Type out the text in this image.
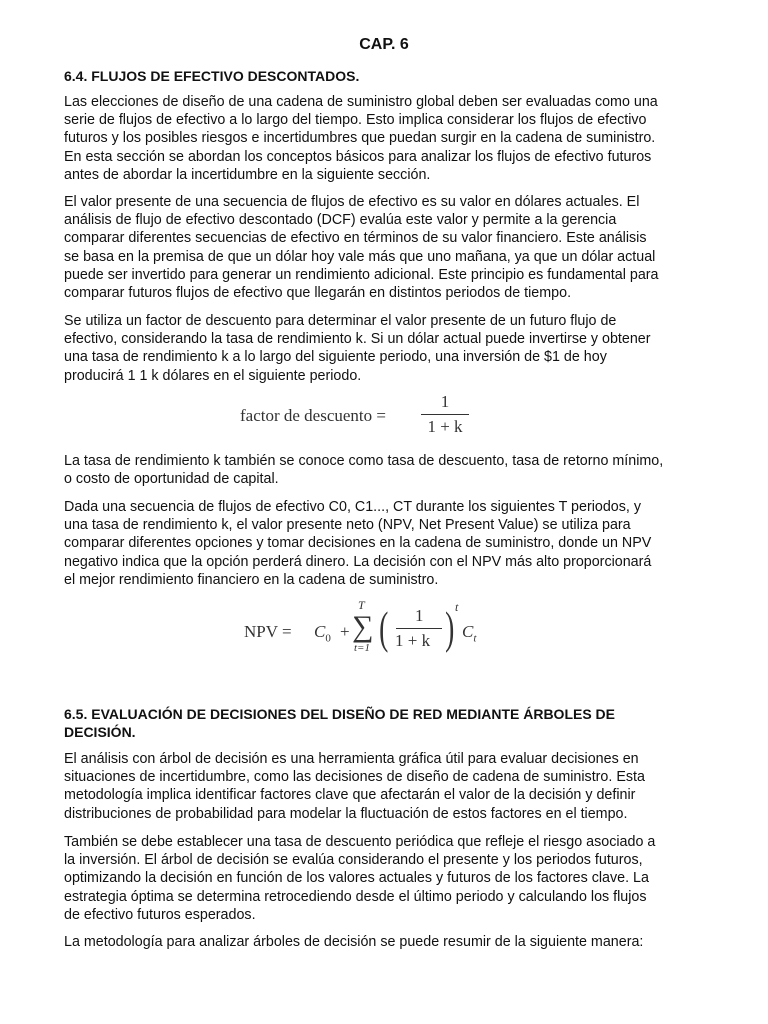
CAP. 6
6.4. FLUJOS DE EFECTIVO DESCONTADOS.

Las elecciones de diseño de una cadena de suministro global deben ser evaluadas como una
serie de flujos de efectivo a lo largo del tiempo. Esto implica considerar los flujos de efectivo
futuros y los posibles riesgos e incertidumbres que puedan surgir en la cadena de suministro.
En esta sección se abordan los conceptos básicos para analizar los flujos de efectivo futuros
antes de abordar la incertidumbre en la siguiente sección.

El valor presente de una secuencia de flujos de efectivo es su valor en dólares actuales. El
análisis de flujo de efectivo descontado (DCF) evalúa este valor y permite a la gerencia
comparar diferentes secuencias de efectivo en términos de su valor financiero. Este análisis
se basa en la premisa de que un dólar hoy vale más que uno mañana, ya que un dólar actual
puede ser invertido para generar un rendimiento adicional. Este principio es fundamental para
comparar futuros flujos de efectivo que llegarán en distintos periodos de tiempo.

Se utiliza un factor de descuento para determinar el valor presente de un futuro flujo de
efectivo, considerando la tasa de rendimiento k. Si un dólar actual puede invertirse y obtener
una tasa de rendimiento k a lo largo del siguiente periodo, una inversión de $1 de hoy
producirá 1 1 k dólares en el siguiente periodo.

factor de descuento =
1
1 + k

La tasa de rendimiento k también se conoce como tasa de descuento, tasa de retorno mínimo,
o costo de oportunidad de capital.

Dada una secuencia de flujos de efectivo C0, C1..., CT durante los siguientes T periodos, y
una tasa de rendimiento k, el valor presente neto (NPV, Net Present Value) se utiliza para
comparar diferentes opciones y tomar decisiones en la cadena de suministro, donde un NPV
negativo indica que la opción perderá dinero. La decisión con el NPV más alto proporcionará
el mejor rendimiento financiero en la cadena de suministro.

NPV = $C_0$ +
T
∑
t=1 ( 1
1 + k ) t
$C_t$
6.5. EVALUACIÓN DE DECISIONES DEL DISEÑO DE RED MEDIANTE ÁRBOLES DE
DECISIÓN.

El análisis con árbol de decisión es una herramienta gráfica útil para evaluar decisiones en
situaciones de incertidumbre, como las decisiones de diseño de cadena de suministro. Esta
metodología implica identificar factores clave que afectarán el valor de la decisión y definir
distribuciones de probabilidad para modelar la fluctuación de estos factores en el tiempo.

También se debe establecer una tasa de descuento periódica que refleje el riesgo asociado a
la inversión. El árbol de decisión se evalúa considerando el presente y los periodos futuros,
optimizando la decisión en función de los valores actuales y futuros de los factores clave. La
estrategia óptima se determina retrocediendo desde el último periodo y calculando los flujos
de efectivo futuros esperados.

La metodología para analizar árboles de decisión se puede resumir de la siguiente manera:
